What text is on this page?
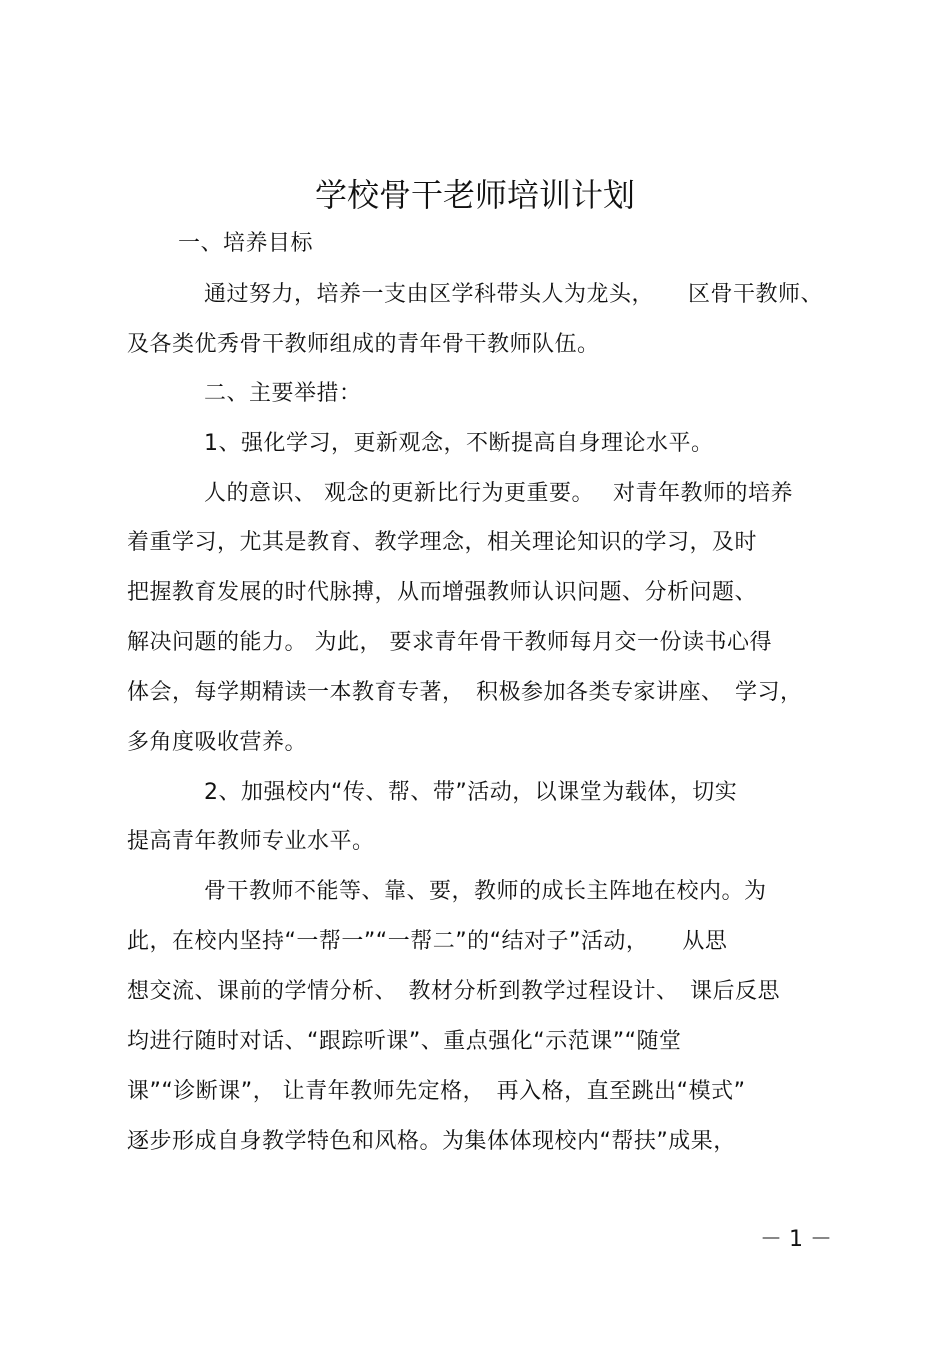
学校骨干老师培训计划
一、培养目标
通过努力，培养一支由区学科带头人为龙头，　　区骨干教师、
及各类优秀骨干教师组成的青年骨干教师队伍。
二、主要举措：
1、强化学习，更新观念，不断提高自身理论水平。
人的意识、 观念的更新比行为更重要。　 对青年教师的培养
着重学习，尤其是教育、教学理念，相关理论知识的学习，及时
把握教育发展的时代脉搏，从而增强教师认识问题、分析问题、
解决问题的能力。 为此， 要求青年骨干教师每月交一份读书心得
体会，每学期精读一本教育专著，　积极参加各类专家讲座、　学习，
多角度吸收营养。
2、加强校内“传、帮、带”活动，以课堂为载体，切实
提高青年教师专业水平。
骨干教师不能等、靠、要，教师的成长主阵地在校内。为
此，在校内坚持“一帮一”“一帮二”的“结对子”活动，　　从思
想交流、课前的学情分析、　教材分析到教学过程设计、　课后反思
均进行随时对话、“跟踪听课”、重点强化“示范课”“随堂
课”“诊断课”， 让青年教师先定格，　再入格，直至跳出“模式”
逐步形成自身教学特色和风格。为集体体现校内“帮扶”成果，
－ 1 －
